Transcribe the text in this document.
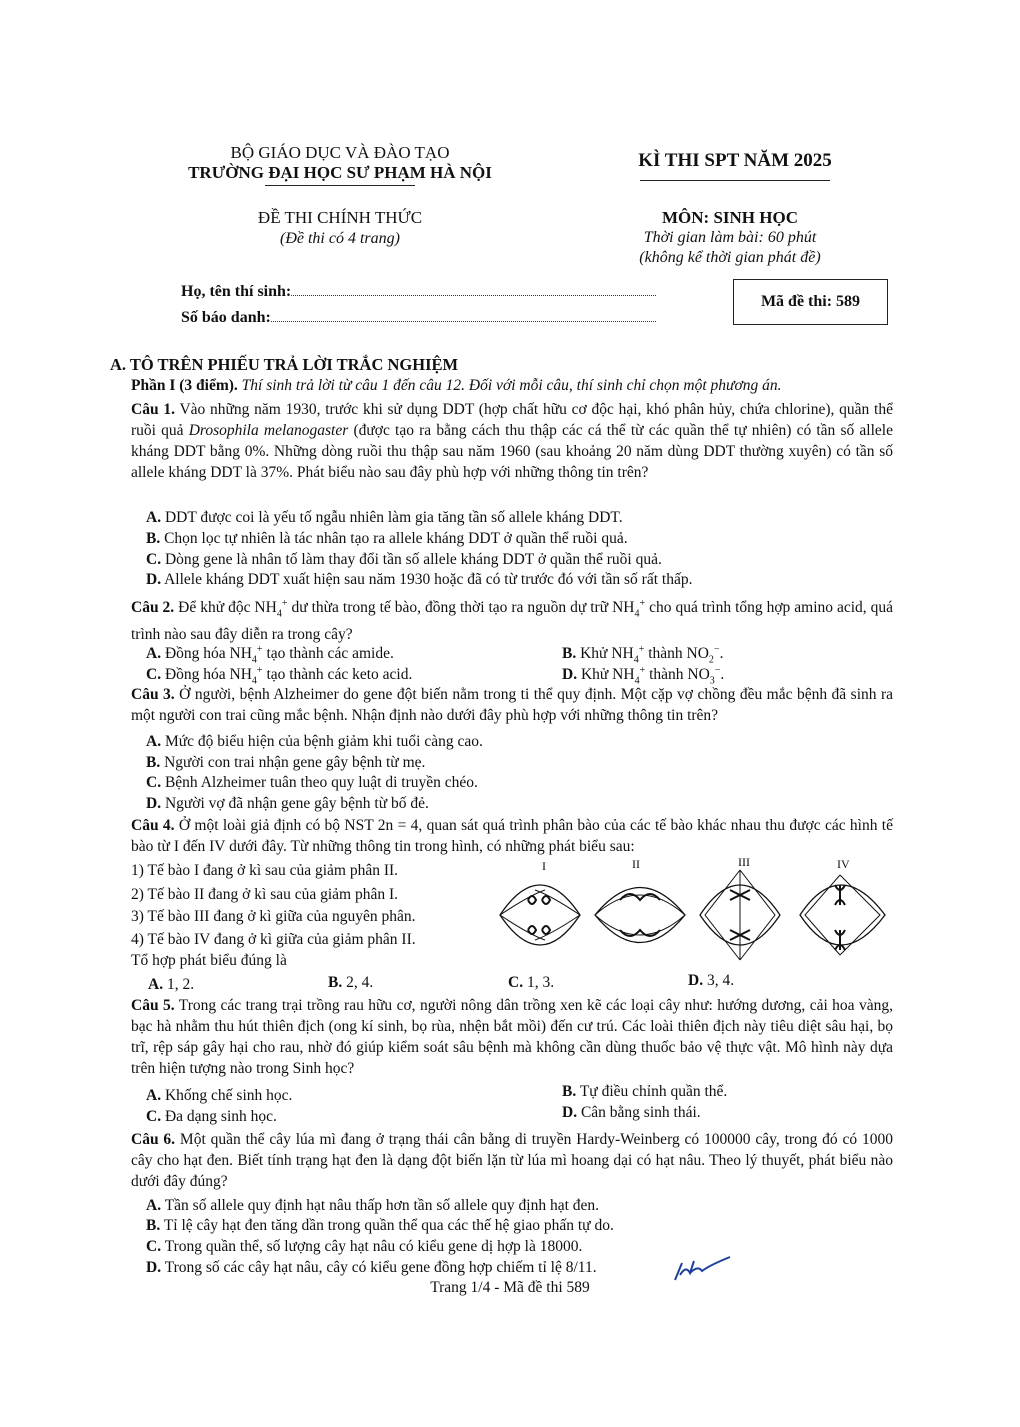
BỘ GIÁO DỤC VÀ ĐÀO TẠO
TRƯỜNG ĐẠI HỌC SƯ PHẠM HÀ NỘI
KÌ THI SPT NĂM 2025
ĐỀ THI CHÍNH THỨC
(Đề thi có 4 trang)
MÔN: SINH HỌC
Thời gian làm bài: 60 phút
(không kể thời gian phát đề)
Họ, tên thí sinh:
Số báo danh:
Mã đề thi: 589
A. TÔ TRÊN PHIẾU TRẢ LỜI TRẮC NGHIỆM
Phần I (3 điểm). Thí sinh trả lời từ câu 1 đến câu 12. Đối với mỗi câu, thí sinh chỉ chọn một phương án.
Câu 1. Vào những năm 1930, trước khi sử dụng DDT (hợp chất hữu cơ độc hại, khó phân hủy, chứa chlorine), quần thể ruồi quả Drosophila melanogaster (được tạo ra bằng cách thu thập các cá thể từ các quần thể tự nhiên) có tần số allele kháng DDT bằng 0%. Những dòng ruồi thu thập sau năm 1960 (sau khoảng 20 năm dùng DDT thường xuyên) có tần số allele kháng DDT là 37%. Phát biểu nào sau đây phù hợp với những thông tin trên?
A. DDT được coi là yếu tố ngẫu nhiên làm gia tăng tần số allele kháng DDT.
B. Chọn lọc tự nhiên là tác nhân tạo ra allele kháng DDT ở quần thể ruồi quả.
C. Dòng gene là nhân tố làm thay đổi tần số allele kháng DDT ở quần thể ruồi quả.
D. Allele kháng DDT xuất hiện sau năm 1930 hoặc đã có từ trước đó với tần số rất thấp.
Câu 2. Để khử độc $NH_4^+$ dư thừa trong tế bào, đồng thời tạo ra nguồn dự trữ $NH_4^+$ cho quá trình tổng hợp amino acid, quá trình nào sau đây diễn ra trong cây?
A. Đồng hóa $NH_4^+$ tạo thành các amide.	B. Khử $NH_4^+$ thành $NO_2^-$.
C. Đồng hóa $NH_4^+$ tạo thành các keto acid.	D. Khử $NH_4^+$ thành $NO_3^-$.
Câu 3. Ở người, bệnh Alzheimer do gene đột biến nằm trong ti thể quy định. Một cặp vợ chồng đều mắc bệnh đã sinh ra một người con trai cũng mắc bệnh. Nhận định nào dưới đây phù hợp với những thông tin trên?
A. Mức độ biểu hiện của bệnh giảm khi tuổi càng cao.
B. Người con trai nhận gene gây bệnh từ mẹ.
C. Bệnh Alzheimer tuân theo quy luật di truyền chéo.
D. Người vợ đã nhận gene gây bệnh từ bố đẻ.
Câu 4. Ở một loài giả định có bộ NST 2n = 4, quan sát quá trình phân bào của các tế bào khác nhau thu được các hình tế bào từ I đến IV dưới đây. Từ những thông tin trong hình, có những phát biểu sau:
1) Tế bào I đang ở kì sau của giảm phân II.
2) Tế bào II đang ở kì sau của giảm phân I.
3) Tế bào III đang ở kì giữa của nguyên phân.
4) Tế bào IV đang ở kì giữa của giảm phân II.
Tổ hợp phát biểu đúng là
I	II	III	IV
A. 1, 2.	B. 2, 4.	C. 1, 3.	D. 3, 4.
Câu 5. Trong các trang trại trồng rau hữu cơ, người nông dân trồng xen kẽ các loại cây như: hướng dương, cải hoa vàng, bạc hà nhằm thu hút thiên địch (ong kí sinh, bọ rùa, nhện bắt mồi) đến cư trú. Các loài thiên địch này tiêu diệt sâu hại, bọ trĩ, rệp sáp gây hại cho rau, nhờ đó giúp kiểm soát sâu bệnh mà không cần dùng thuốc bảo vệ thực vật. Mô hình này dựa trên hiện tượng nào trong Sinh học?
A. Khống chế sinh học.	B. Tự điều chỉnh quần thể.
C. Đa dạng sinh học.	D. Cân bằng sinh thái.
Câu 6. Một quần thể cây lúa mì đang ở trạng thái cân bằng di truyền Hardy-Weinberg có 100000 cây, trong đó có 1000 cây cho hạt đen. Biết tính trạng hạt đen là dạng đột biến lặn từ lúa mì hoang dại có hạt nâu. Theo lý thuyết, phát biểu nào dưới đây đúng?
A. Tần số allele quy định hạt nâu thấp hơn tần số allele quy định hạt đen.
B. Tỉ lệ cây hạt đen tăng dần trong quần thể qua các thế hệ giao phấn tự do.
C. Trong quần thể, số lượng cây hạt nâu có kiểu gene dị hợp là 18000.
D. Trong số các cây hạt nâu, cây có kiểu gene đồng hợp chiếm tỉ lệ 8/11.
Trang 1/4 - Mã đề thi 589
